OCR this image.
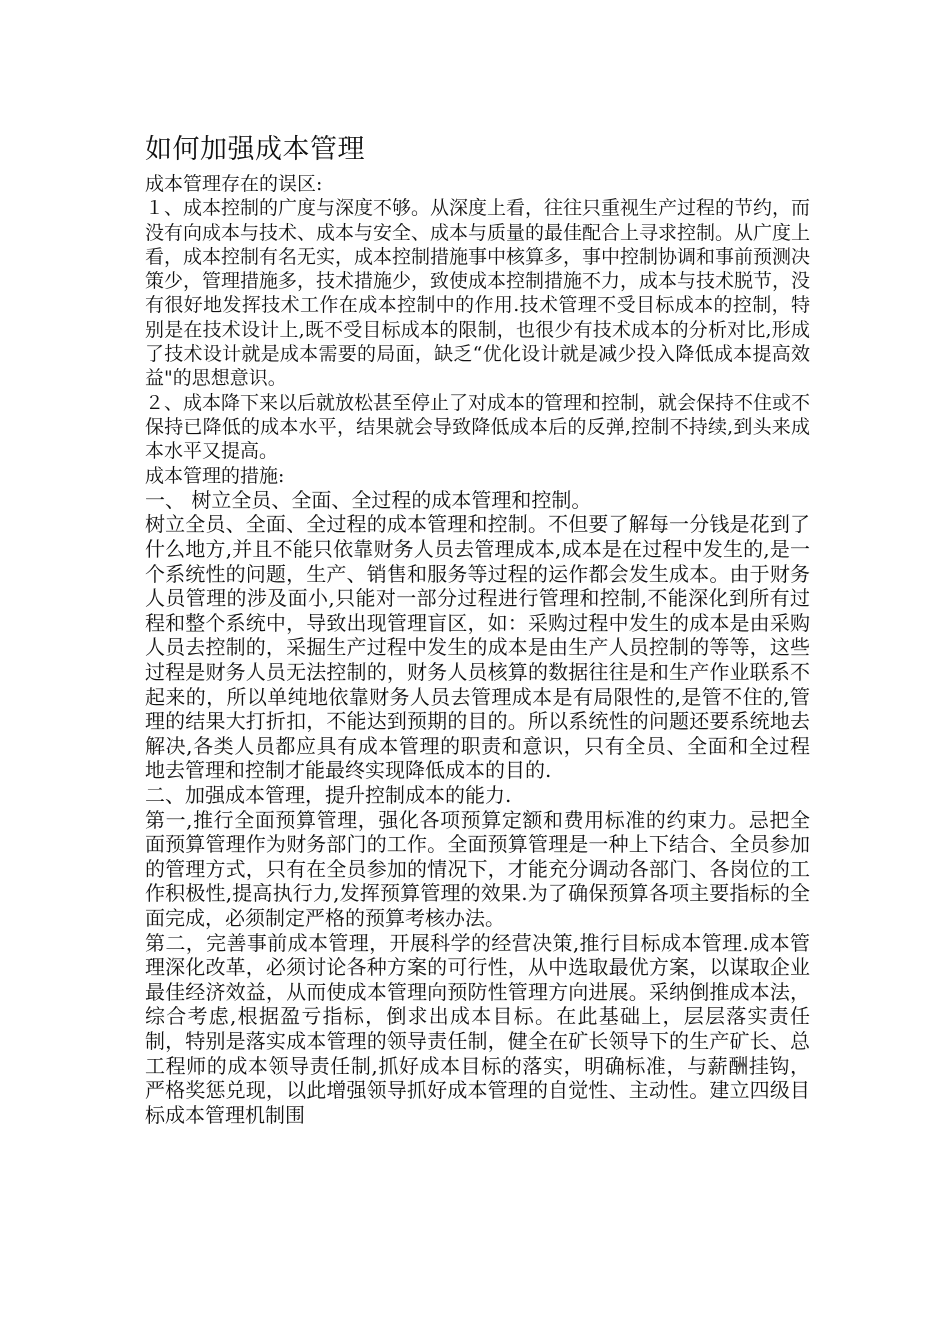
如何加强成本管理

成本管理存在的误区:

１、成本控制的广度与深度不够。从深度上看，往往只重视生产过程的节约，而没有向成本与技术、成本与安全、成本与质量的最佳配合上寻求控制。从广度上看，成本控制有名无实，成本控制措施事中核算多，事中控制协调和事前预测决策少，管理措施多，技术措施少，致使成本控制措施不力，成本与技术脱节，没有很好地发挥技术工作在成本控制中的作用.技术管理不受目标成本的控制，特别是在技术设计上,既不受目标成本的限制，也很少有技术成本的分析对比,形成了技术设计就是成本需要的局面，缺乏“优化设计就是减少投入降低成本提高效益"的思想意识。

２、成本降下来以后就放松甚至停止了对成本的管理和控制，就会保持不住或不保持已降低的成本水平，结果就会导致降低成本后的反弹,控制不持续,到头来成本水平又提高。

成本管理的措施:

一、 树立全员、全面、全过程的成本管理和控制。

树立全员、全面、全过程的成本管理和控制。不但要了解每一分钱是花到了什么地方,并且不能只依靠财务人员去管理成本,成本是在过程中发生的,是一个系统性的问题，生产、销售和服务等过程的运作都会发生成本。由于财务人员管理的涉及面小,只能对一部分过程进行管理和控制,不能深化到所有过程和整个系统中，导致出现管理盲区，如：采购过程中发生的成本是由采购人员去控制的，采掘生产过程中发生的成本是由生产人员控制的等等，这些过程是财务人员无法控制的，财务人员核算的数据往往是和生产作业联系不起来的，所以单纯地依靠财务人员去管理成本是有局限性的,是管不住的,管理的结果大打折扣，不能达到预期的目的。所以系统性的问题还要系统地去解决,各类人员都应具有成本管理的职责和意识，只有全员、全面和全过程地去管理和控制才能最终实现降低成本的目的.

二、加强成本管理，提升控制成本的能力.

第一,推行全面预算管理，强化各项预算定额和费用标准的约束力。忌把全面预算管理作为财务部门的工作。全面预算管理是一种上下结合、全员参加的管理方式，只有在全员参加的情况下，才能充分调动各部门、各岗位的工作积极性,提高执行力,发挥预算管理的效果.为了确保预算各项主要指标的全面完成，必须制定严格的预算考核办法。

第二，完善事前成本管理，开展科学的经营决策,推行目标成本管理.成本管理深化改革，必须讨论各种方案的可行性，从中选取最优方案，以谋取企业最佳经济效益，从而使成本管理向预防性管理方向进展。采纳倒推成本法，综合考虑,根据盈亏指标，倒求出成本目标。在此基础上，层层落实责任制，特别是落实成本管理的领导责任制，健全在矿长领导下的生产矿长、总工程师的成本领导责任制,抓好成本目标的落实，明确标准，与薪酬挂钩，严格奖惩兑现，以此增强领导抓好成本管理的自觉性、主动性。建立四级目标成本管理机制围
